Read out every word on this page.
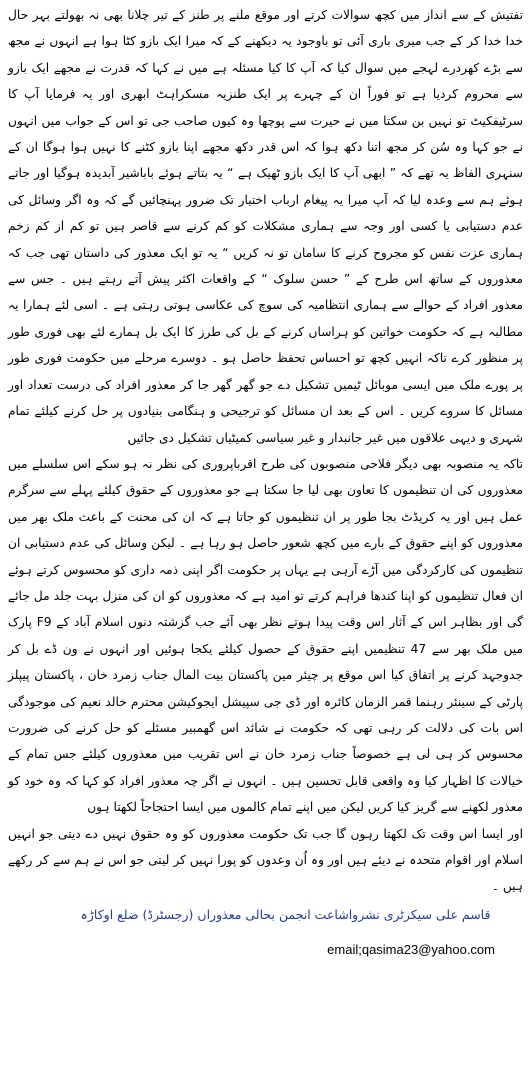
تفتیش کے سے انداز میں کچھ سوالات کرتے اور موقع ملنے پر طنز کے تیر چلانا بھی نہ بھولتے بہر حال خدا خدا کر کے جب میری باری آئی تو باوجود یہ دیکھنے کے کہ میرا ایک بازو کٹا ہوا ہے انہوں نے مجھ سے بڑے کھردرے لہجے میں سوال کیا کہ آپ کا کیا مسئلہ ہے میں نے کہا کہ قدرت نے مجھے ایک بازو سے محروم کردیا ہے تو فوراً ان کے چہرے پر ایک طنزیہ مسکراہٹ ابھری اور یہ فرمایا آپ کا سرٹیفکیٹ تو نہیں بن سکتا میں نے حیرت سے پوچھا وہ کیوں صاحب جی تو اس کے جواب میں انہوں نے جو کہا وہ سُن کر مجھ اتنا دکھ ہوا کہ اس قدر دکھ مجھے اپنا بازو کٹنے کا نہیں ہوا ہوگا ان کے سنہری الفاظ یہ تھے کہ ” ابھی آپ کا ایک بازو ٹھیک ہے “ یہ بتاتے ہوئے باباشیر آبدیدہ ہوگیا اور جاتے ہوئے ہم سے وعدہ لیا کہ آپ میرا یہ پیغام ارباب اختیار تک ضرور پہنچائیں گے کہ وہ اگر وسائل کی عدم دستیابی یا کسی اور وجہ سے ہماری مشکلات کو کم کرنے سے قاصر ہیں تو کم از کم زخم ہماری عزت نفس کو مجروح کرنے کا سامان تو نہ کریں “ یہ تو ایک معذور کی داستان تھی جب کہ معذوروں کے ساتھ اس طرح کے ” حسن سلوک “ کے واقعات اکثر پیش آتے رہتے ہیں ۔ جس سے معذور افراد کے حوالے سے ہماری انتظامیہ کی سوچ کی عکاسی ہوتی رہتی ہے ۔ اسی لئے ہمارا یہ مطالبہ ہے کہ حکومت خواتین کو ہراساں کرنے کے بل کی طرز کا ایک بل ہمارے لئے بھی فوری طور پر منظور کرے تاکہ انہیں کچھ تو احساس تحفظ حاصل ہو ۔ دوسرے مرحلے میں حکومت فوری طور پر پورے ملک میں ایسی موبائل ٹیمیں تشکیل دے جو گھر گھر جا کر معذور افراد کی درست تعداد اور مسائل کا سروے کریں ۔ اس کے بعد ان مسائل کو ترجیحی و ہنگامی بنیادوں پر حل کرنے کیلئے تمام شہری و دیہی علاقوں میں غیر جانبدار و غیر سیاسی کمیٹیاں تشکیل دی جائیں

تاکہ یہ منصوبہ بھی دیگر فلاحی منصوبوں کی طرح اقرباپروری کی نظر نہ ہو سکے اس سلسلے میں معذوروں کی ان تنظیموں کا تعاون بھی لیا جا سکتا ہے جو معذوروں کے حقوق کیلئے پہلے سے سرگرم عمل ہیں اور یہ کریڈٹ بجا طور پر ان تنظیموں کو جاتا ہے کہ ان کی محنت کے باعث ملک بھر میں معذوروں کو اپنے حقوق کے بارے میں کچھ شعور حاصل ہو رہا ہے ۔ لیکن وسائل کی عدم دستیابی ان تنظیموں کی کارکردگی میں آڑے آرہی ہے یہاں پر حکومت اگر اپنی ذمہ داری کو محسوس کرتے ہوئے ان فعال تنظیموں کو اپنا کندھا فراہم کرتے تو امید ہے کہ معذوروں کو ان کی منزل بہت جلد مل جائے گی اور بظاہر اس کے آثار اس وقت پیدا ہوتے نظر بھی آئے جب گزشتہ دنوں اسلام آباد کے F9 پارک میں ملک بھر سے 47 تنظیمیں اپنے حقوق کے حصول کیلئے یکجا ہوئیں اور انہوں نے ون ڈے بل کر جدوجہد کرنے پر اتفاق کیا اس موقع پر چیئر مین پاکستان بیت المال جناب زمرد خان ، پاکستان پیپلز پارٹی کے سینئر رہنما قمر الزمان کائرہ اور ڈی جی سپیشل ایجوکیشن محترم خالد نعیم کی موجودگی اس بات کی دلالت کر رہی تھی کہ حکومت نے شائد اس گھمبیر مسئلے کو حل کرنے کی ضرورت محسوس کر ہی لی ہے خصوصاً جناب زمرد خان نے اس تقریب میں معذوروں کیلئے جس تمام کے خیالات کا اظہار کیا وہ واقعی قابل تحسین ہیں ۔ انہوں نے اگر چہ معذور افراد کو کہا کہ وہ خود کو معذور لکھنے سے گریز کیا کریں لیکن میں اپنے تمام کالموں میں ایسا احتجاجاً لکھتا ہوں

اور ایسا اس وقت تک لکھتا رہوں گا جب تک حکومت معذوروں کو وہ حقوق نہیں دے دیتی جو انہیں اسلام اور اقوام متحدہ نے دیئے ہیں اور وہ اُن وعدوں کو پورا نہیں کر لیتی جو اس نے ہم سے کر رکھے ہیں ۔

قاسم علی سیکرٹری نشرواشاعت انجمن بحالی معذوراں (رجسٹرڈ) ضلع اوکاڑہ
email;qasima23@yahoo.com
